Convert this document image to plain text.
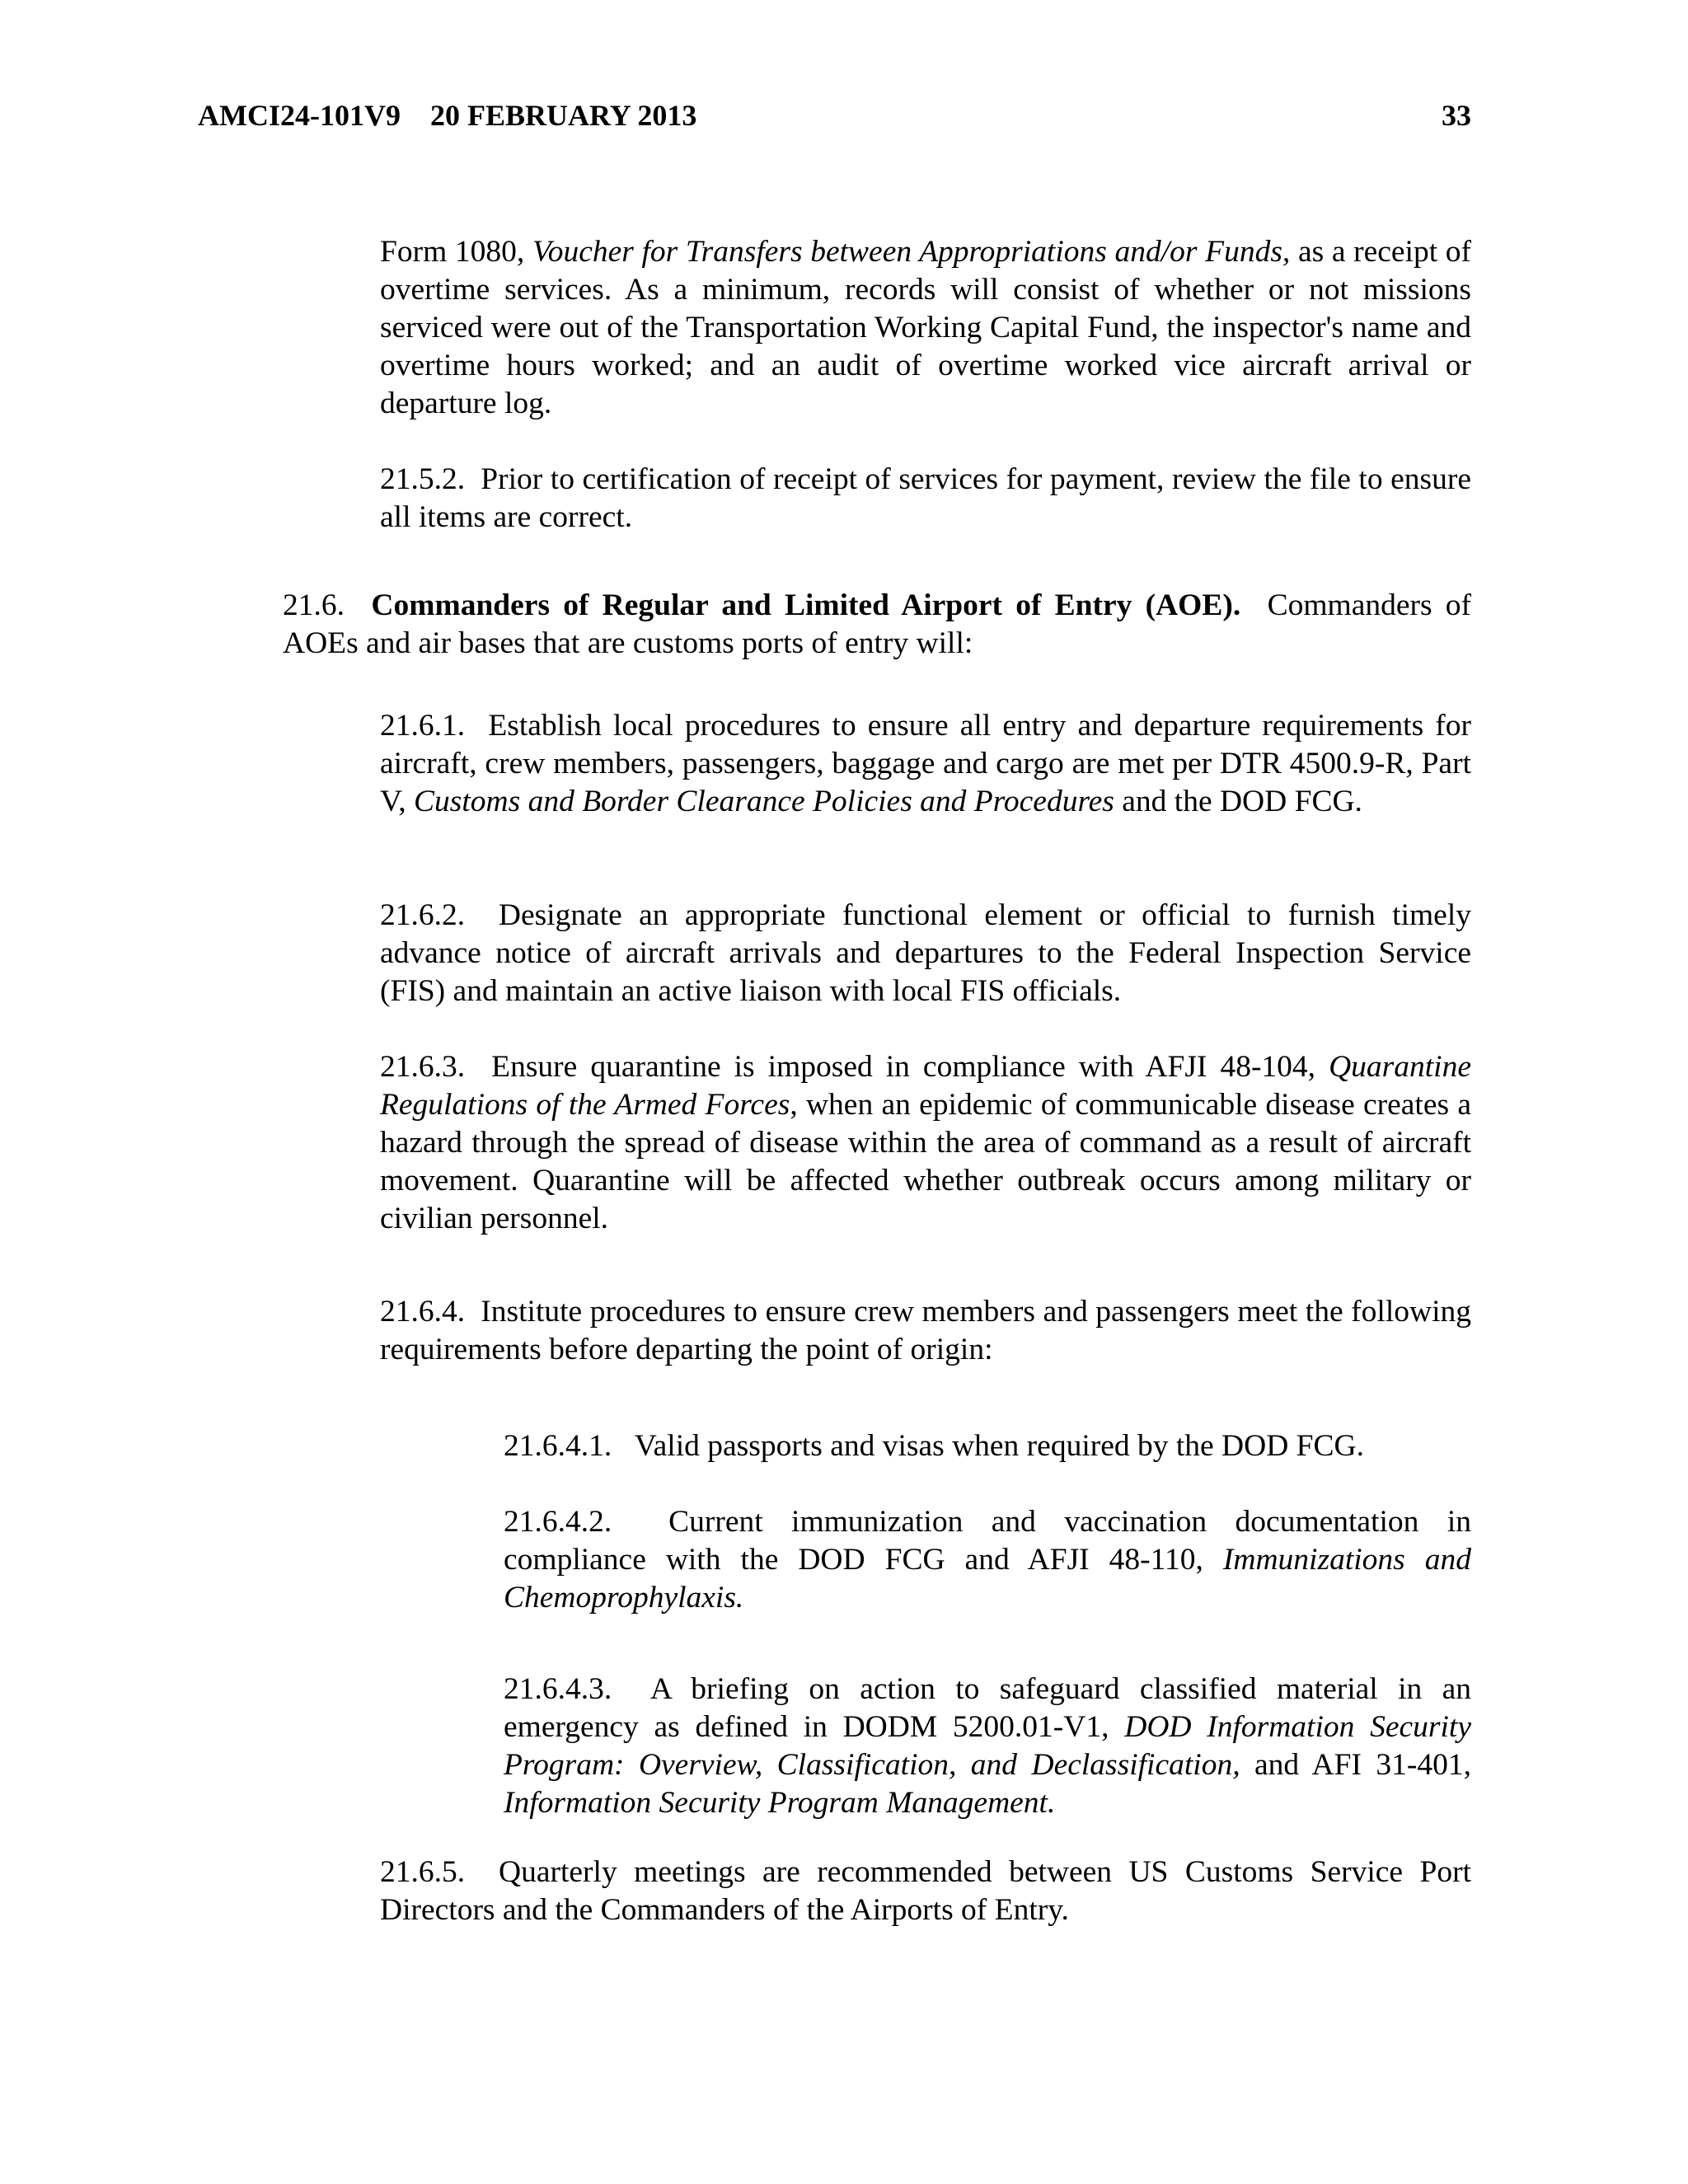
AMCI24-101V9 20 FEBRUARY 2013	33
Form 1080, Voucher for Transfers between Appropriations and/or Funds, as a receipt of overtime services. As a minimum, records will consist of whether or not missions serviced were out of the Transportation Working Capital Fund, the inspector's name and overtime hours worked; and an audit of overtime worked vice aircraft arrival or departure log.
21.5.2. Prior to certification of receipt of services for payment, review the file to ensure all items are correct.
21.6. Commanders of Regular and Limited Airport of Entry (AOE). Commanders of AOEs and air bases that are customs ports of entry will:
21.6.1. Establish local procedures to ensure all entry and departure requirements for aircraft, crew members, passengers, baggage and cargo are met per DTR 4500.9-R, Part V, Customs and Border Clearance Policies and Procedures and the DOD FCG.
21.6.2. Designate an appropriate functional element or official to furnish timely advance notice of aircraft arrivals and departures to the Federal Inspection Service (FIS) and maintain an active liaison with local FIS officials.
21.6.3. Ensure quarantine is imposed in compliance with AFJI 48-104, Quarantine Regulations of the Armed Forces, when an epidemic of communicable disease creates a hazard through the spread of disease within the area of command as a result of aircraft movement. Quarantine will be affected whether outbreak occurs among military or civilian personnel.
21.6.4. Institute procedures to ensure crew members and passengers meet the following requirements before departing the point of origin:
21.6.4.1. Valid passports and visas when required by the DOD FCG.
21.6.4.2. Current immunization and vaccination documentation in compliance with the DOD FCG and AFJI 48-110, Immunizations and Chemoprophylaxis.
21.6.4.3. A briefing on action to safeguard classified material in an emergency as defined in DODM 5200.01-V1, DOD Information Security Program: Overview, Classification, and Declassification, and AFI 31-401, Information Security Program Management.
21.6.5. Quarterly meetings are recommended between US Customs Service Port Directors and the Commanders of the Airports of Entry.
